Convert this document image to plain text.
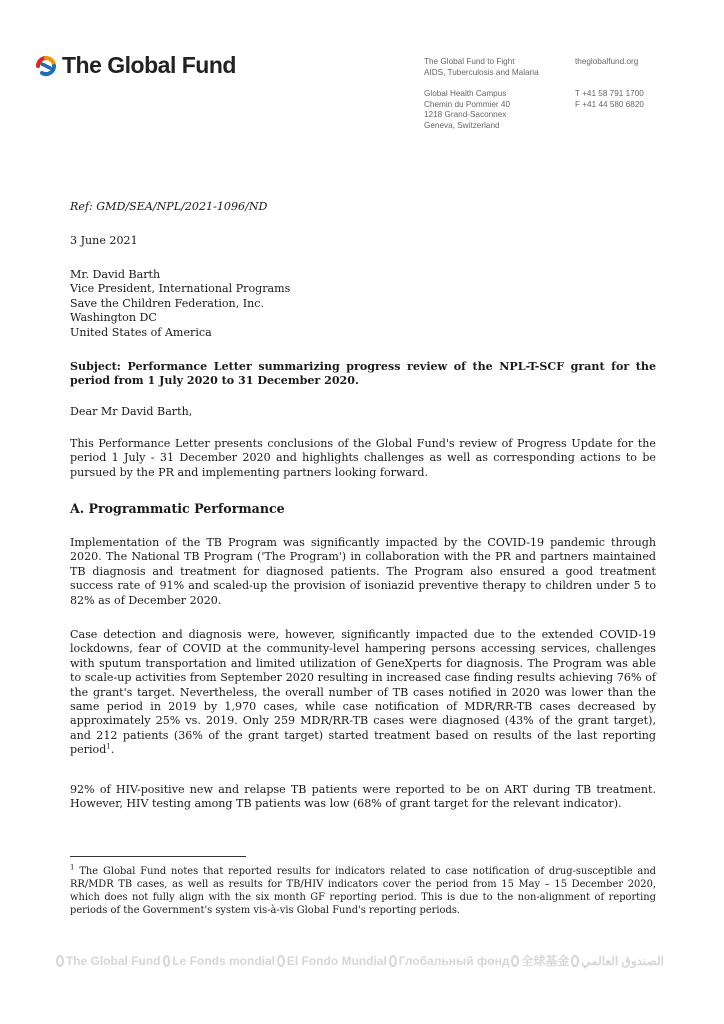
The Global Fund	The Global Fund to Fight
AIDS, Tuberculosis and Malaria
theglobalfund.org
Global Health Campus
Chemin du Pommier 40
1218 Grand-Saconnex
Geneva, Switzerland
T +41 58 791 1700
F +41 44 580 6820
Ref: GMD/SEA/NPL/2021-1096/ND
3 June 2021
Mr. David Barth
Vice President, International Programs
Save the Children Federation, Inc.
Washington DC
United States of America
Subject: Performance Letter summarizing progress review of the NPL-T-SCF grant for the period from 1 July 2020 to 31 December 2020.
Dear Mr David Barth,
This Performance Letter presents conclusions of the Global Fund's review of Progress Update for the period 1 July - 31 December 2020 and highlights challenges as well as corresponding actions to be pursued by the PR and implementing partners looking forward.
A. Programmatic Performance
Implementation of the TB Program was significantly impacted by the COVID-19 pandemic through 2020. The National TB Program ('The Program') in collaboration with the PR and partners maintained TB diagnosis and treatment for diagnosed patients. The Program also ensured a good treatment success rate of 91% and scaled-up the provision of isoniazid preventive therapy to children under 5 to 82% as of December 2020.
Case detection and diagnosis were, however, significantly impacted due to the extended COVID-19 lockdowns, fear of COVID at the community-level hampering persons accessing services, challenges with sputum transportation and limited utilization of GeneXperts for diagnosis. The Program was able to scale-up activities from September 2020 resulting in increased case finding results achieving 76% of the grant's target. Nevertheless, the overall number of TB cases notified in 2020 was lower than the same period in 2019 by 1,970 cases, while case notification of MDR/RR-TB cases decreased by approximately 25% vs. 2019. Only 259 MDR/RR-TB cases were diagnosed (43% of the grant target), and 212 patients (36% of the grant target) started treatment based on results of the last reporting period$^1$.
92% of HIV-positive new and relapse TB patients were reported to be on ART during TB treatment. However, HIV testing among TB patients was low (68% of grant target for the relevant indicator).
$^1$ The Global Fund notes that reported results for indicators related to case notification of drug-susceptible and RR/MDR TB cases, as well as results for TB/HIV indicators cover the period from 15 May – 15 December 2020, which does not fully align with the six month GF reporting period. This is due to the non-alignment of reporting periods of the Government's system vis-à-vis Global Fund's reporting periods.
The Global Fund Le Fonds mondial El Fondo Mundial Глобальный фонд 全球基金 الصندوق العالمي
